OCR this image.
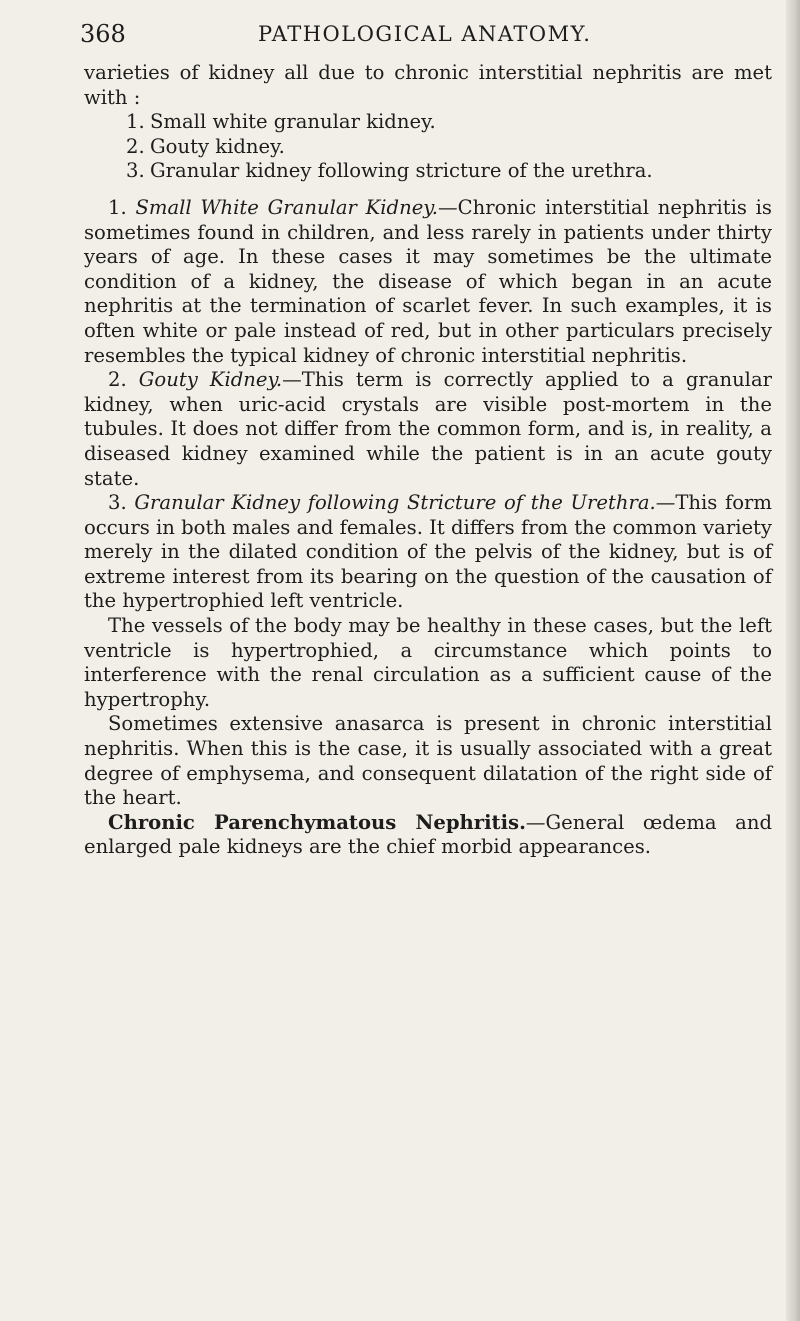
368	PATHOLOGICAL ANATOMY.

varieties of kidney all due to chronic interstitial nephritis are met with :

1. Small white granular kidney.
2. Gouty kidney.
3. Granular kidney following stricture of the urethra.

1. Small White Granular Kidney.—Chronic interstitial nephritis is sometimes found in children, and less rarely in patients under thirty years of age. In these cases it may sometimes be the ultimate condition of a kidney, the disease of which began in an acute nephritis at the termination of scarlet fever. In such examples, it is often white or pale instead of red, but in other particulars precisely resembles the typical kidney of chronic interstitial nephritis.

2. Gouty Kidney.—This term is correctly applied to a granular kidney, when uric-acid crystals are visible post-mortem in the tubules. It does not differ from the common form, and is, in reality, a diseased kidney examined while the patient is in an acute gouty state.

3. Granular Kidney following Stricture of the Urethra.—This form occurs in both males and females. It differs from the common variety merely in the dilated condition of the pelvis of the kidney, but is of extreme interest from its bearing on the question of the causation of the hypertrophied left ventricle.

The vessels of the body may be healthy in these cases, but the left ventricle is hypertrophied, a circumstance which points to interference with the renal circulation as a sufficient cause of the hypertrophy.

Sometimes extensive anasarca is present in chronic interstitial nephritis. When this is the case, it is usually associated with a great degree of emphysema, and consequent dilatation of the right side of the heart.

Chronic Parenchymatous Nephritis.—General œdema and enlarged pale kidneys are the chief morbid appearances.
